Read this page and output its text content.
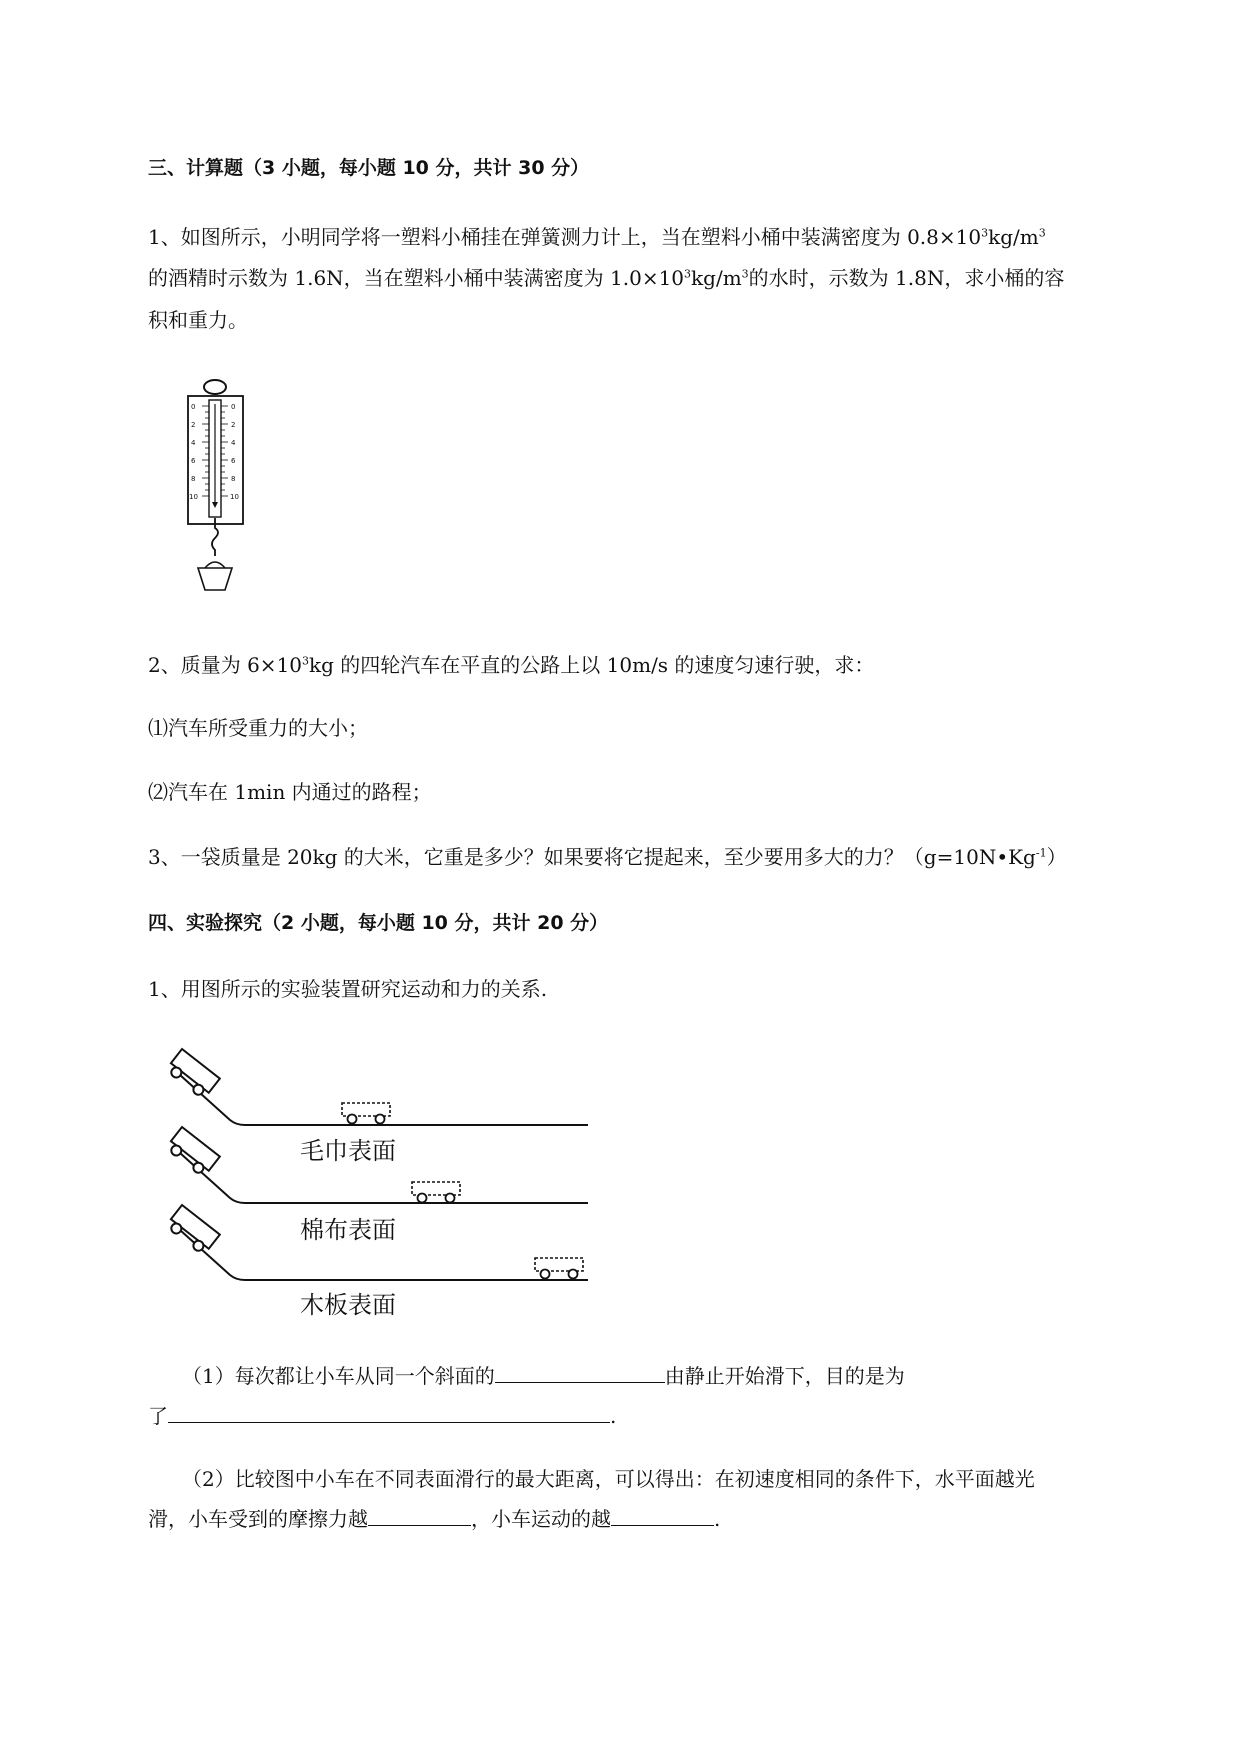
三、计算题（3 小题，每小题 10 分，共计 30 分）
1、如图所示，小明同学将一塑料小桶挂在弹簧测力计上，当在塑料小桶中装满密度为 $0.8\times 10^3kg/m^3$
的酒精时示数为 1.6N，当在塑料小桶中装满密度为 $1.0\times 10^3kg/m^3$的水时，示数为 1.8N，求小桶的容
积和重力。
0
2
4
6
8
10
0
2
4
6
8
10
2、质量为 $6\times 10^3kg$ 的四轮汽车在平直的公路上以 10m/s 的速度匀速行驶，求：
⑴汽车所受重力的大小；
⑵汽车在 1min 内通过的路程；
3、一袋质量是 20kg 的大米，它重是多少？如果要将它提起来，至少要用多大的力？$(g=10N•Kg^{-1})$
四、实验探究（2 小题，每小题 10 分，共计 20 分）
1、用图所示的实验装置研究运动和力的关系.
毛巾表面
棉布表面
木板表面
（1）每次都让小车从同一个斜面的	由静止开始滑下，目的是为
了	.
（2）比较图中小车在不同表面滑行的最大距离，可以得出：在初速度相同的条件下，水平面越光
滑，小车受到的摩擦力越	，小车运动的越	.
